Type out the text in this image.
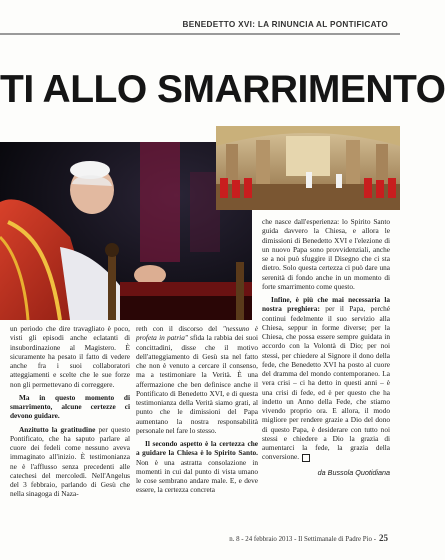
BENEDETTO XVI: LA RINUNCIA AL PONTIFICATO
TI ALLO SMARRIMENTO

un periodo che dire travagliato è poco, visti gli episodi anche eclatanti di insubordinazione al Magistero. È sicuramente ha pesato il fatto di vedere anche fra i suoi collaboratori atteggiamenti e scelte che le sue forze non gli permettevano di correggere.

Ma in questo momento di smarrimento, alcune certezze ci devono guidare.

Anzitutto la gratitudine per questo Pontificato, che ha saputo parlare al cuore dei fedeli come nessuno aveva immaginato all'inizio. È testimonianza ne è l'afflusso senza precedenti alle catechesi del mercoledì. Nell'Angelus del 3 febbraio, parlando di Gesù che nella sinagoga di Naza-

reth con il discorso del "nessuno è profeta in patria" sfida la rabbia dei suoi concittadini, disse che il motivo dell'atteggiamento di Gesù sta nel fatto che non è venuto a cercare il consenso, ma a testimoniare la Verità. È una affermazione che ben definisce anche il Pontificato di Benedetto XVI, e di questa testimonianza della Verità siamo grati, al punto che le dimissioni del Papa aumentano la nostra responsabilità personale nel fare lo stesso.

Il secondo aspetto è la certezza che a guidare la Chiesa è lo Spirito Santo. Non è una astratta consolazione in momenti in cui dal punto di vista umano le cose sembrano andare male. E, e deve essere, la certezza concreta

che nasce dall'esperienza: lo Spirito Santo guida davvero la Chiesa, e allora le dimissioni di Benedetto XVI e l'elezione di un nuovo Papa sono provvidenziali, anche se a noi può sfuggire il Disegno che ci sta dietro. Solo questa certezza ci può dare una serenità di fondo anche in un momento di forte smarrimento come questo.

Infine, è più che mai necessaria la nostra preghiera: per il Papa, perché continui fedelmente il suo servizio alla Chiesa, seppur in forme diverse; per la Chiesa, che possa essere sempre guidata in accordo con la Volontà di Dio; per noi stessi, per chiedere al Signore il dono della fede, che Benedetto XVI ha posto al cuore del dramma del mondo contemporaneo. La vera crisi – ci ha detto in questi anni – è una crisi di fede, ed è per questo che ha indetto un Anno della Fede, che stiamo vivendo proprio ora. E allora, il modo migliore per rendere grazie a Dio del dono di questo Papa, è desiderare con tutto noi stessi e chiedere a Dio la grazia di aumentarci la fede, la grazia della conversione.

da Bussola Quotidiana
n. 8 - 24 febbraio 2013 - Il Settimanale di Padre Pio - 25
